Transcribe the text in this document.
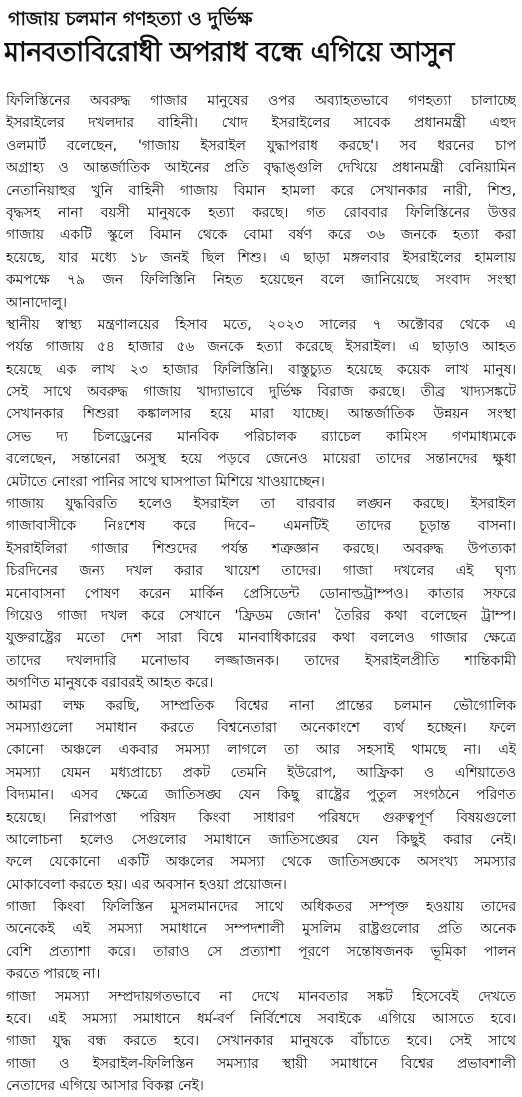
গাজায় চলমান গণহত্যা ও দুর্ভিক্ষ
মানবতাবিরোধী অপরাধ বন্ধে এগিয়ে আসুন
ফিলিস্তিনের অবরুদ্ধ গাজার মানুষের ওপর অব্যাহতভাবে গণহত্যা চালাচ্ছে
ইসরাইলের দখলদার বাহিনী। খোদ ইসরাইলের সাবেক প্রধানমন্ত্রী এহুদ
ওলমার্ট বলেছেন, 'গাজায় ইসরাইল যুদ্ধাপরাধ করছে'। সব ধরনের চাপ
অগ্রাহ্য ও আন্তর্জাতিক আইনের প্রতি বৃদ্ধাঙ্গুলি দেখিয়ে প্রধানমন্ত্রী বেনিয়ামিন
নেতানিয়াহুর খুনি বাহিনী গাজায় বিমান হামলা করে সেখানকার নারী, শিশু,
বৃদ্ধসহ নানা বয়সী মানুষকে হত্যা করছে। গত রোববার ফিলিস্তিনের উত্তর
গাজায় একটি স্কুলে বিমান থেকে বোমা বর্ষণ করে ৩৬ জনকে হত্যা করা
হয়েছে, যার মধ্যে ১৮ জনই ছিল শিশু। এ ছাড়া মঙ্গলবার ইসরাইলের হামলায়
কমপক্ষে ৭৯ জন ফিলিস্তিনি নিহত হয়েছেন বলে জানিয়েছে সংবাদ সংস্থা
আনাদোলু।
স্থানীয় স্বাস্থ্য মন্ত্রণালয়ের হিসাব মতে, ২০২৩ সালের ৭ অক্টোবর থেকে এ
পর্যন্ত গাজায় ৫৪ হাজার ৫৬ জনকে হত্যা করেছে ইসরাইল। এ ছাড়াও আহত
হয়েছে এক লাখ ২৩ হাজার ফিলিস্তিনি। বাস্তুচ্যুত হয়েছে কয়েক লাখ মানুষ।
সেই সাথে অবরুদ্ধ গাজায় খাদ্যাভাবে দুর্ভিক্ষ বিরাজ করছে। তীব্র খাদ্যসঙ্কটে
সেখানকার শিশুরা কঙ্কালসার হয়ে মারা যাচ্ছে। আন্তর্জাতিক উন্নয়ন সংস্থা
সেভ দ্য চিলড্রেনের মানবিক পরিচালক র‍্যাচেল কামিংস গণমাধ্যমকে
বলেছেন, সন্তানেরা অসুস্থ হয়ে পড়বে জেনেও মায়েরা তাদের সন্তানদের ক্ষুধা
মেটাতে নোংরা পানির সাথে ঘাসপাতা মিশিয়ে খাওয়াচ্ছেন।
গাজায় যুদ্ধবিরতি হলেও ইসরাইল তা বারবার লঙ্ঘন করছে। ইসরাইল
গাজাবাসীকে নিঃশেষ করে দিবে– এমনটিই তাদের চূড়ান্ত বাসনা।
ইসরাইলিরা গাজার শিশুদের পর্যন্ত শত্রুজ্ঞান করছে। অবরুদ্ধ উপত্যকা
চিরদিনের জন্য দখল করার খায়েশ তাদের। গাজা দখলের এই ঘৃণ্য
মনোবাসনা পোষণ করেন মার্কিন প্রেসিডেন্ট ডোনাল্ডট্রাম্পও। কাতার সফরে
গিয়েও গাজা দখল করে সেখানে 'ফ্রিডম জোন' তৈরির কথা বলেছেন ট্রাম্প।
যুক্তরাষ্ট্রের মতো দেশ সারা বিশ্বে মানবাধিকারের কথা বললেও গাজার ক্ষেত্রে
তাদের দখলদারি মনোভাব লজ্জাজনক। তাদের ইসরাইলপ্রীতি শান্তিকামী
অগণিত মানুষকে বরাবরই আহত করে।
আমরা লক্ষ করছি, সাম্প্রতিক বিশ্বের নানা প্রান্তের চলমান ভৌগোলিক
সমস্যাগুলো সমাধান করতে বিশ্বনেতারা অনেকাংশে ব্যর্থ হচ্ছেন। ফলে
কোনো অঞ্চলে একবার সমস্যা লাগলে তা আর সহসাই থামছে না। এই
সমস্যা যেমন মধ্যপ্রাচ্যে প্রকট তেমনি ইউরোপ, আফ্রিকা ও এশিয়াতেও
বিদ্যমান। এসব ক্ষেত্রে জাতিসঙ্ঘ যেন কিছু রাষ্ট্রের পুতুল সংগঠনে পরিণত
হয়েছে। নিরাপত্তা পরিষদ কিংবা সাধারণ পরিষদে গুরুত্বপূর্ণ বিষয়গুলো
আলোচনা হলেও সেগুলোর সমাধানে জাতিসঙ্ঘের যেন কিছুই করার নেই।
ফলে যেকোনো একটি অঞ্চলের সমস্যা থেকে জাতিসঙ্ঘকে অসংখ্য সমস্যার
মোকাবেলা করতে হয়। এর অবসান হওয়া প্রয়োজন।
গাজা কিংবা ফিলিস্তিন মুসলমানদের সাথে অধিকতর সম্পৃক্ত হওয়ায় তাদের
অনেকেই এই সমস্যা সমাধানে সম্পদশালী মুসলিম রাষ্ট্রগুলোর প্রতি অনেক
বেশি প্রত্যাশা করে। তারাও সে প্রত্যাশা পূরণে সন্তোষজনক ভূমিকা পালন
করতে পারছে না।
গাজা সমস্যা সম্প্রদায়গতভাবে না দেখে মানবতার সঙ্কট হিসেবেই দেখতে
হবে। এই সমস্যা সমাধানে ধর্ম-বর্ণ নির্বিশেষে সবাইকে এগিয়ে আসতে হবে।
গাজা যুদ্ধ বন্ধ করতে হবে। সেখানকার মানুষকে বাঁচাতে হবে। সেই সাথে
গাজা ও ইসরাইল-ফিলিস্তিন সমস্যার স্থায়ী সমাধানে বিশ্বের প্রভাবশালী
নেতাদের এগিয়ে আসার বিকল্প নেই।
